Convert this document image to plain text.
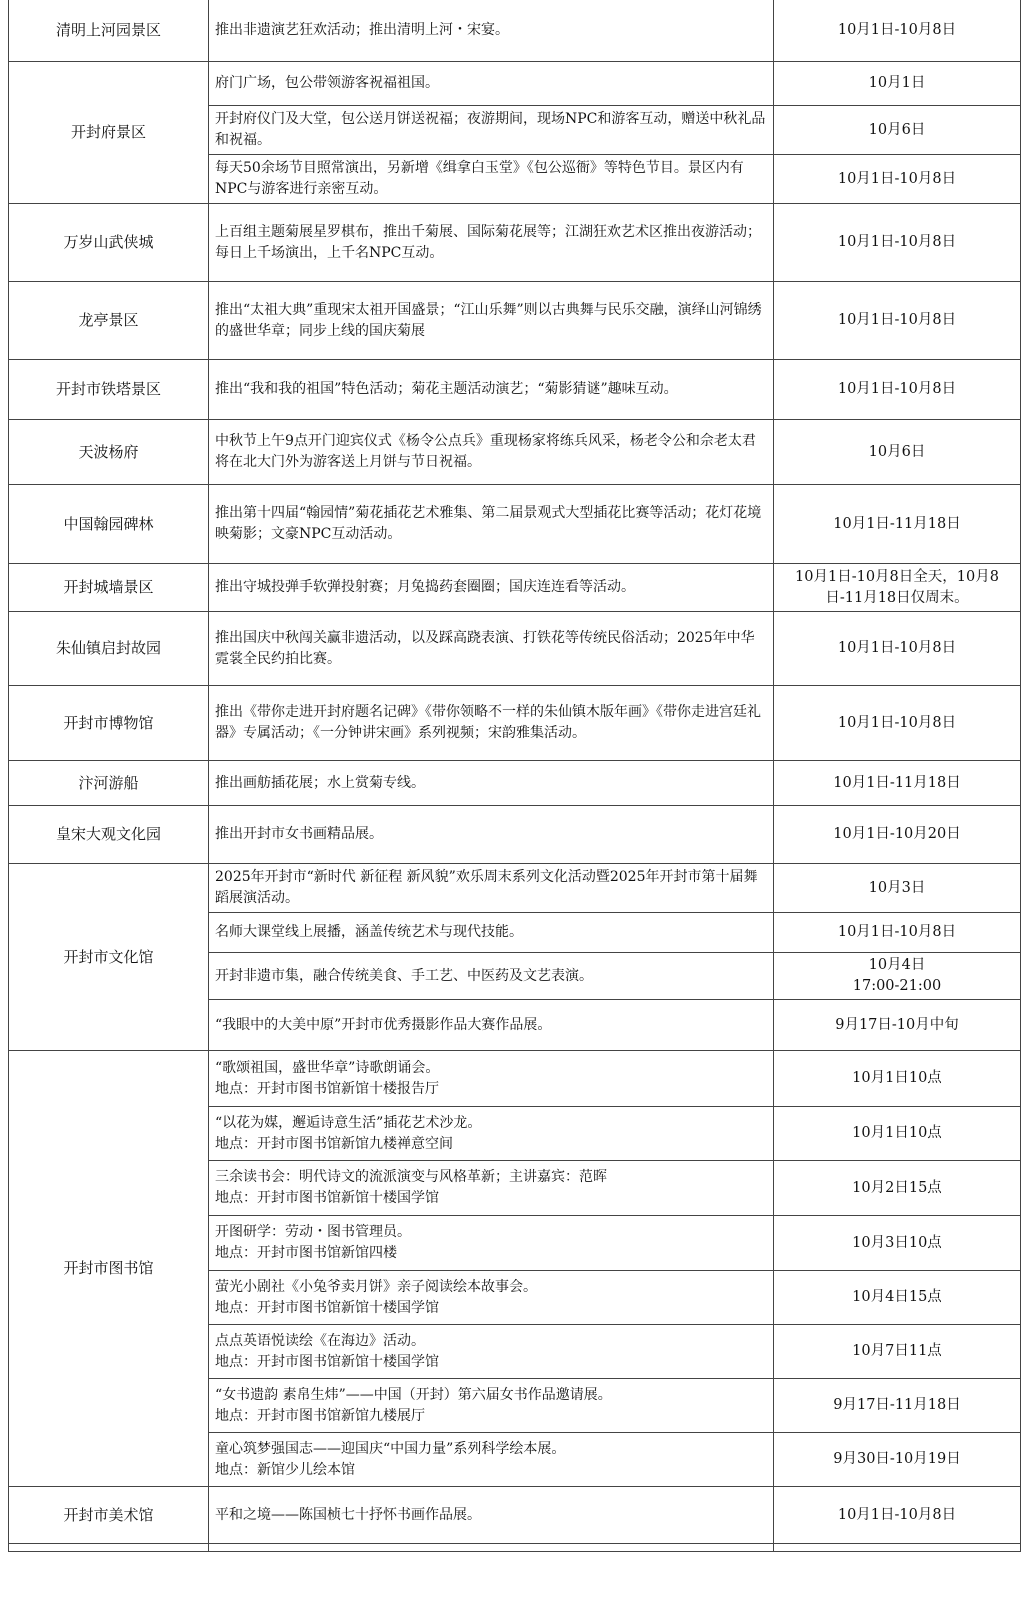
清明上河园景区	推出非遗演艺狂欢活动；推出清明上河・宋宴。	10月1日-10月8日
开封府景区	府门广场，包公带领游客祝福祖国。	10月1日
	开封府仪门及大堂，包公送月饼送祝福；夜游期间，现场NPC和游客互动，赠送中秋礼品和祝福。	10月6日
	每天50余场节目照常演出，另新增《缉拿白玉堂》《包公巡衙》等特色节目。景区内有NPC与游客进行亲密互动。	10月1日-10月8日
万岁山武侠城	上百组主题菊展星罗棋布，推出千菊展、国际菊花展等；江湖狂欢艺术区推出夜游活动；每日上千场演出，上千名NPC互动。	10月1日-10月8日
龙亭景区	推出“太祖大典”重现宋太祖开国盛景；“江山乐舞”则以古典舞与民乐交融，演绎山河锦绣的盛世华章；同步上线的国庆菊展	10月1日-10月8日
开封市铁塔景区	推出“我和我的祖国”特色活动；菊花主题活动演艺；“菊影猜谜”趣味互动。	10月1日-10月8日
天波杨府	中秋节上午9点开门迎宾仪式《杨令公点兵》重现杨家将练兵风采，杨老令公和佘老太君将在北大门外为游客送上月饼与节日祝福。	10月6日
中国翰园碑林	推出第十四届“翰园情”菊花插花艺术雅集、第二届景观式大型插花比赛等活动；花灯花境映菊影；文豪NPC互动活动。	10月1日-11月18日
开封城墙景区	推出守城投弹手软弹投射赛；月兔捣药套圈圈；国庆连连看等活动。	10月1日-10月8日全天，10月8日-11月18日仅周末。
朱仙镇启封故园	推出国庆中秋闯关赢非遗活动，以及踩高跷表演、打铁花等传统民俗活动；2025年中华霓裳全民约拍比赛。	10月1日-10月8日
开封市博物馆	推出《带你走进开封府题名记碑》《带你领略不一样的朱仙镇木版年画》《带你走进宫廷礼器》专属活动；《一分钟讲宋画》系列视频；宋韵雅集活动。	10月1日-10月8日
汴河游船	推出画舫插花展；水上赏菊专线。	10月1日-11月18日
皇宋大观文化园	推出开封市女书画精品展。	10月1日-10月20日
开封市文化馆	2025年开封市“新时代 新征程 新风貌”欢乐周末系列文化活动暨2025年开封市第十届舞蹈展演活动。	10月3日
	名师大课堂线上展播，涵盖传统艺术与现代技能。	10月1日-10月8日
	开封非遗市集，融合传统美食、手工艺、中医药及文艺表演。	10月4日
17:00-21:00
	“我眼中的大美中原”开封市优秀摄影作品大赛作品展。	9月17日-10月中旬
开封市图书馆	“歌颂祖国，盛世华章”诗歌朗诵会。
地点：开封市图书馆新馆十楼报告厅	10月1日10点
	“以花为媒，邂逅诗意生活”插花艺术沙龙。
地点：开封市图书馆新馆九楼禅意空间	10月1日10点
	三余读书会：明代诗文的流派演变与风格革新；主讲嘉宾：范晖
地点：开封市图书馆新馆十楼国学馆	10月2日15点
	开图研学：劳动・图书管理员。
地点：开封市图书馆新馆四楼	10月3日10点
	萤光小剧社《小兔爷卖月饼》亲子阅读绘本故事会。
地点：开封市图书馆新馆十楼国学馆	10月4日15点
	点点英语悦读绘《在海边》活动。
地点：开封市图书馆新馆十楼国学馆	10月7日11点
	“女书遗韵 素帛生炜”——中国（开封）第六届女书作品邀请展。
地点：开封市图书馆新馆九楼展厅	9月17日-11月18日
	童心筑梦强国志——迎国庆“中国力量”系列科学绘本展。
地点：新馆少儿绘本馆	9月30日-10月19日
开封市美术馆	平和之境——陈国桢七十抒怀书画作品展。	10月1日-10月8日
